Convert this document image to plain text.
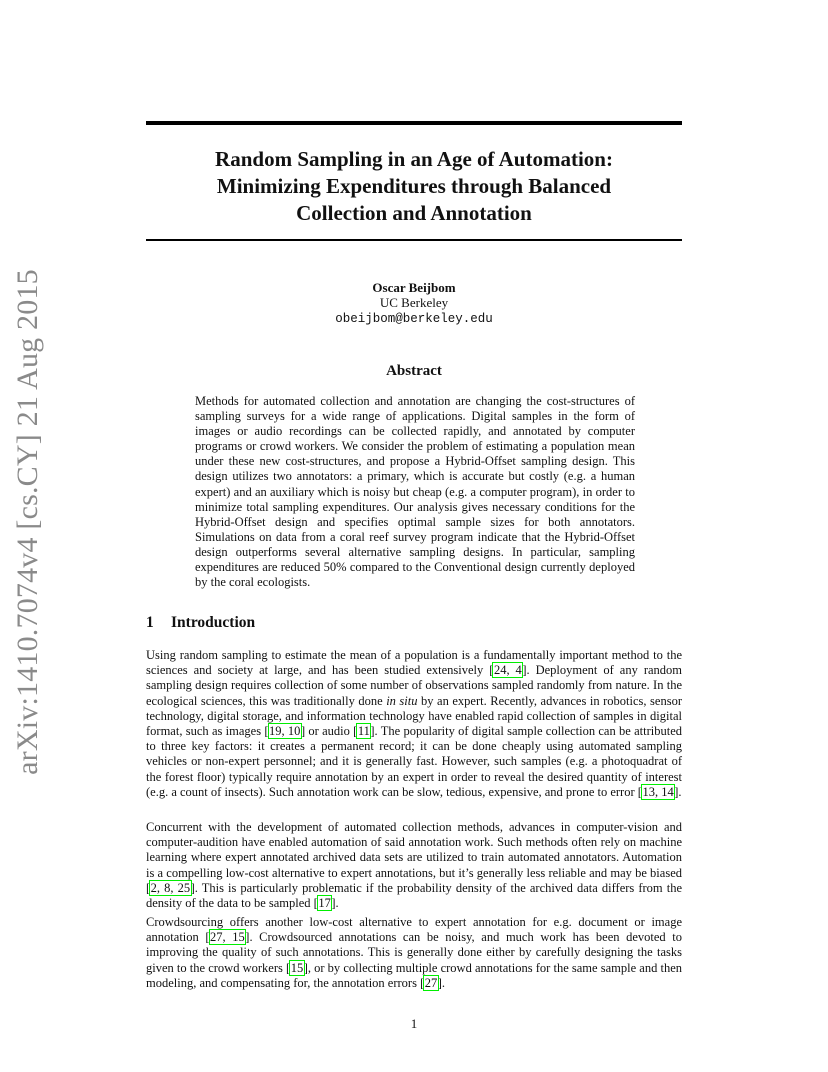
arXiv:1410.7074v4 [cs.CY] 21 Aug 2015
Random Sampling in an Age of Automation:
Minimizing Expenditures through Balanced
Collection and Annotation
Oscar Beijbom
UC Berkeley
obeijbom@berkeley.edu
Abstract
Methods for automated collection and annotation are changing the cost-structures of sampling surveys for a wide range of applications. Digital samples in the form of images or audio recordings can be collected rapidly, and annotated by computer programs or crowd workers. We consider the problem of estimating a population mean under these new cost-structures, and propose a Hybrid-Offset sampling design. This design utilizes two annotators: a primary, which is accurate but costly (e.g. a human expert) and an auxiliary which is noisy but cheap (e.g. a computer program), in order to minimize total sampling expenditures. Our analysis gives necessary conditions for the Hybrid-Offset design and specifies optimal sample sizes for both annotators. Simulations on data from a coral reef survey program indicate that the Hybrid-Offset design outperforms several alternative sampling designs. In particular, sampling expenditures are reduced 50% compared to the Conventional design currently deployed by the coral ecologists.
1 Introduction
Using random sampling to estimate the mean of a population is a fundamentally important method to the sciences and society at large, and has been studied extensively [24, 4]. Deployment of any random sampling design requires collection of some number of observations sampled randomly from nature. In the ecological sciences, this was traditionally done in situ by an expert. Recently, advances in robotics, sensor technology, digital storage, and information technology have enabled rapid collection of samples in digital format, such as images [19, 10] or audio [11]. The popularity of digital sample collection can be attributed to three key factors: it creates a permanent record; it can be done cheaply using automated sampling vehicles or non-expert personnel; and it is generally fast. However, such samples (e.g. a photoquadrat of the forest floor) typically require annotation by an expert in order to reveal the desired quantity of interest (e.g. a count of insects). Such annotation work can be slow, tedious, expensive, and prone to error [13, 14].
Concurrent with the development of automated collection methods, advances in computer-vision and computer-audition have enabled automation of said annotation work. Such methods often rely on machine learning where expert annotated archived data sets are utilized to train automated annotators. Automation is a compelling low-cost alternative to expert annotations, but it’s generally less reliable and may be biased [2, 8, 25]. This is particularly problematic if the probability density of the archived data differs from the density of the data to be sampled [17].
Crowdsourcing offers another low-cost alternative to expert annotation for e.g. document or image annotation [27, 15]. Crowdsourced annotations can be noisy, and much work has been devoted to improving the quality of such annotations. This is generally done either by carefully designing the tasks given to the crowd workers [15], or by collecting multiple crowd annotations for the same sample and then modeling, and compensating for, the annotation errors [27].
1
